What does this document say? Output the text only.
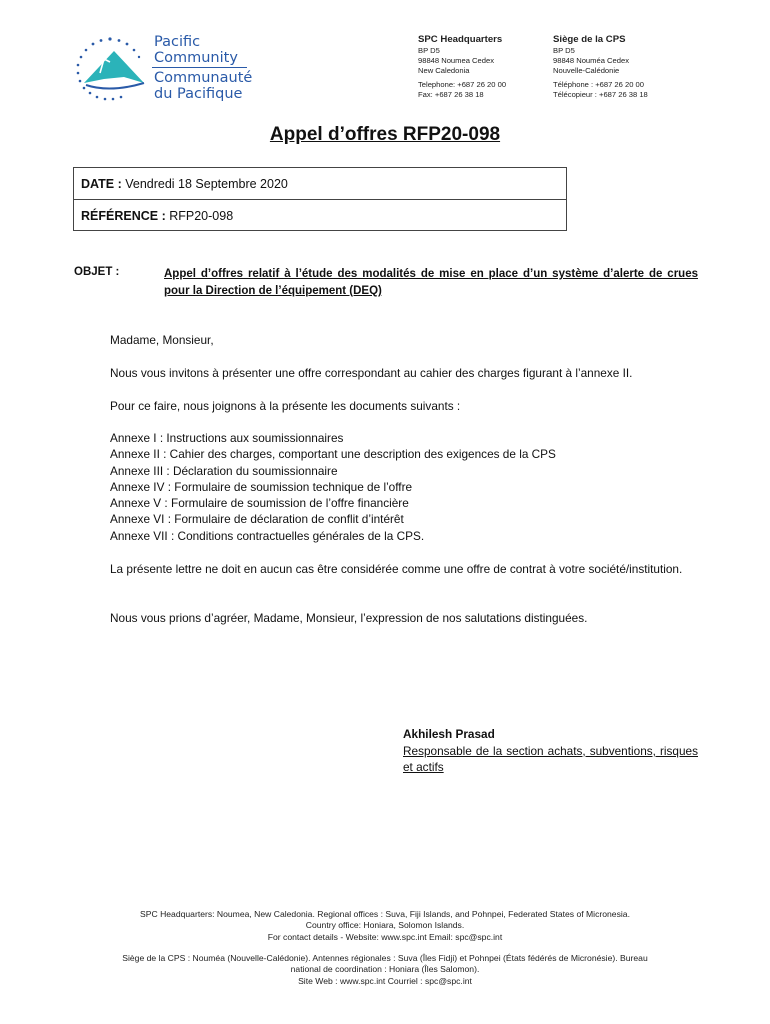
Pacific
Community
Communauté
du Pacifique
SPC Headquarters
BP D5
98848 Noumea Cedex
New Caledonia
Telephone: +687 26 20 00
Fax: +687 26 38 18
Siège de la CPS
BP D5
98848 Nouméa Cedex
Nouvelle-Calédonie
Téléphone : +687 26 20 00
Télécopieur : +687 26 38 18
Appel d’offres RFP20-098
DATE : Vendredi 18 Septembre 2020
RÉFÉRENCE : RFP20-098
OBJET :	Appel d’offres relatif à l’étude des modalités de mise en place d’un système d’alerte de crues pour la Direction de l’équipement (DEQ)
Madame, Monsieur,
Nous vous invitons à présenter une offre correspondant au cahier des charges figurant à l’annexe II.
Pour ce faire, nous joignons à la présente les documents suivants :
Annexe I : Instructions aux soumissionnaires
Annexe II : Cahier des charges, comportant une description des exigences de la CPS
Annexe III : Déclaration du soumissionnaire
Annexe IV : Formulaire de soumission technique de l’offre
Annexe V : Formulaire de soumission de l’offre financière
Annexe VI : Formulaire de déclaration de conflit d’intérêt
Annexe VII : Conditions contractuelles générales de la CPS.
La présente lettre ne doit en aucun cas être considérée comme une offre de contrat à votre société/institution.
Nous vous prions d’agréer, Madame, Monsieur, l’expression de nos salutations distinguées.
Akhilesh Prasad
Responsable de la section achats, subventions, risques et actifs
SPC Headquarters: Noumea, New Caledonia. Regional offices : Suva, Fiji Islands, and Pohnpei, Federated States of Micronesia.
Country office: Honiara, Solomon Islands.
For contact details - Website: www.spc.int Email: spc@spc.int
Siège de la CPS : Nouméa (Nouvelle-Calédonie). Antennes régionales : Suva (Îles Fidji) et Pohnpei (États fédérés de Micronésie). Bureau
national de coordination : Honiara (Îles Salomon).
Site Web : www.spc.int Courriel : spc@spc.int
